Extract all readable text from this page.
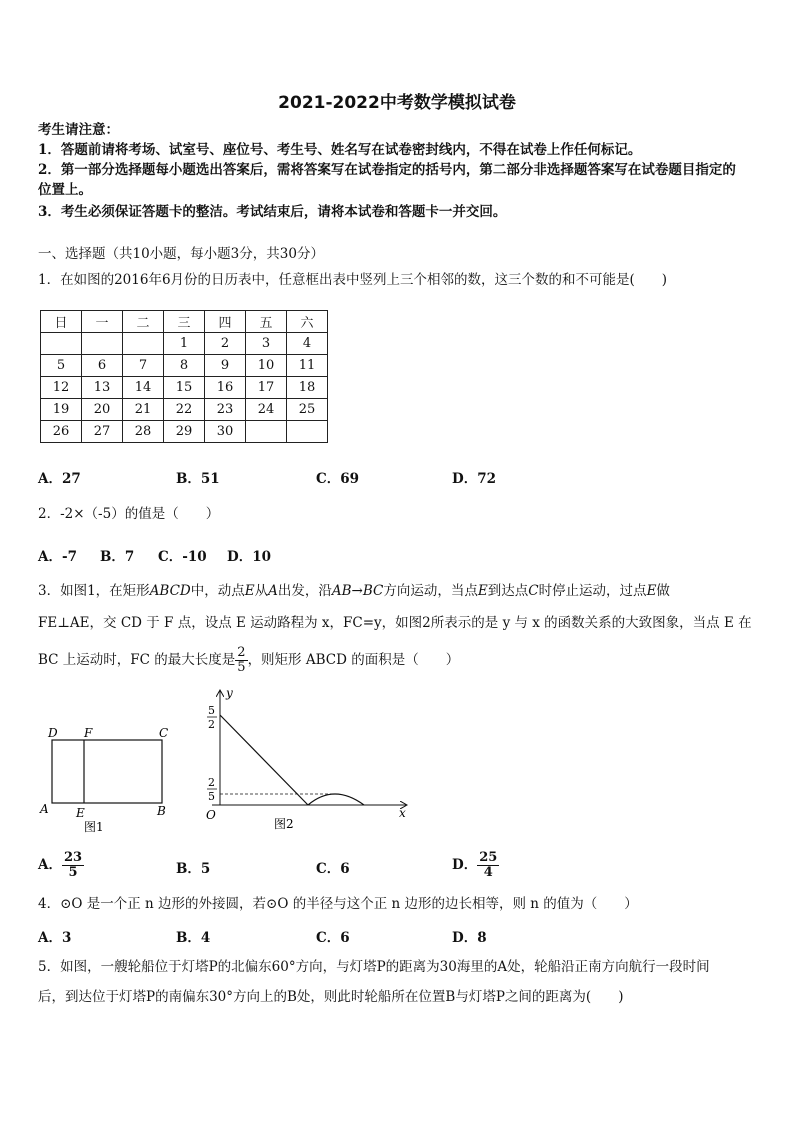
2021-2022中考数学模拟试卷
考生请注意：
1．答题前请将考场、试室号、座位号、考生号、姓名写在试卷密封线内，不得在试卷上作任何标记。
2．第一部分选择题每小题选出答案后，需将答案写在试卷指定的括号内，第二部分非选择题答案写在试卷题目指定的
位置上。
3．考生必须保证答题卡的整洁。考试结束后，请将本试卷和答题卡一并交回。
一、选择题（共10小题，每小题3分，共30分）
1．在如图的2016年6月份的日历表中，任意框出表中竖列上三个相邻的数，这三个数的和不可能是(　　)
日	一	二	三	四	五	六
			1	2	3	4
5	6	7	8	9	10	11
12	13	14	15	16	17	18
19	20	21	22	23	24	25
26	27	28	29	30		
A．27	B．51	C．69	D．72
2．-2×（-5）的值是（　　）
A．-7 B．7 C．-10 D．10
3．如图1，在矩形ABCD中，动点E从A出发，沿AB→BC方向运动，当点E到达点C时停止运动，过点E做
FE⊥AE，交 CD 于 F 点，设点 E 运动路程为 x，FC=y，如图2所表示的是 y 与 x 的函数关系的大致图象，当点 E 在
BC 上运动时，FC 的最大长度是 $\frac{2}{5}$ ，则矩形 ABCD 的面积是（　　）
D F	C
A E	B
图1
y
x
O
5
2
2
5
图2
A． $\frac{23}{5}$	B．5	C．6	D． $\frac{25}{4}$
4．⊙O 是一个正 n 边形的外接圆，若⊙O 的半径与这个正 n 边形的边长相等，则 n 的值为（　　）
A．3	B．4	C．6	D．8
5．如图，一艘轮船位于灯塔P的北偏东60°方向，与灯塔P的距离为30海里的A处，轮船沿正南方向航行一段时间
后，到达位于灯塔P的南偏东30°方向上的B处，则此时轮船所在位置B与灯塔P之间的距离为(　　)
